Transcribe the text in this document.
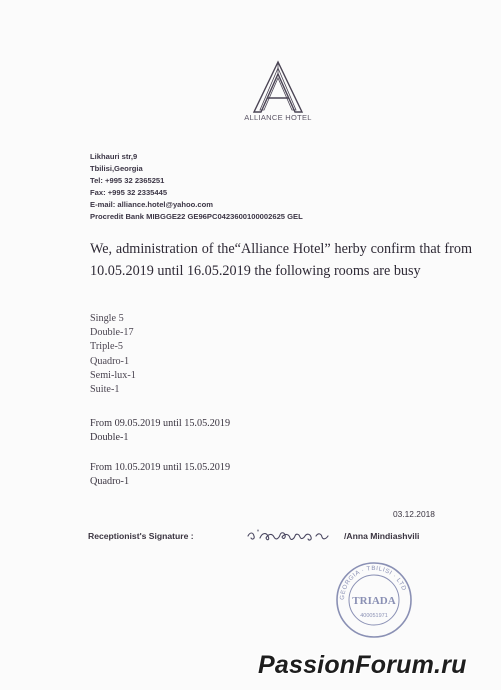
ALLIANCE HOTEL
Likhauri str,9
Tbilisi,Georgia
Tel: +995 32 2365251
Fax: +995 32 2335445
E-mail: alliance.hotel@yahoo.com
Procredit Bank MIBGGE22 GE96PC0423600100002625 GEL
We, administration of the“Alliance Hotel” herby confirm that from 10.05.2019 until 16.05.2019 the following rooms are busy
Single 5
Double-17
Triple-5
Quadro-1
Semi-lux-1
Suite-1
From 09.05.2019 until 15.05.2019
Double-1
From 10.05.2019 until 15.05.2019
Quadro-1
03.12.2018
Receptionist's Signature :	/Anna Mindiashvili
GEORGIA · TBILISI · LTD
TRIADA
400051971
PassionForum.ru
